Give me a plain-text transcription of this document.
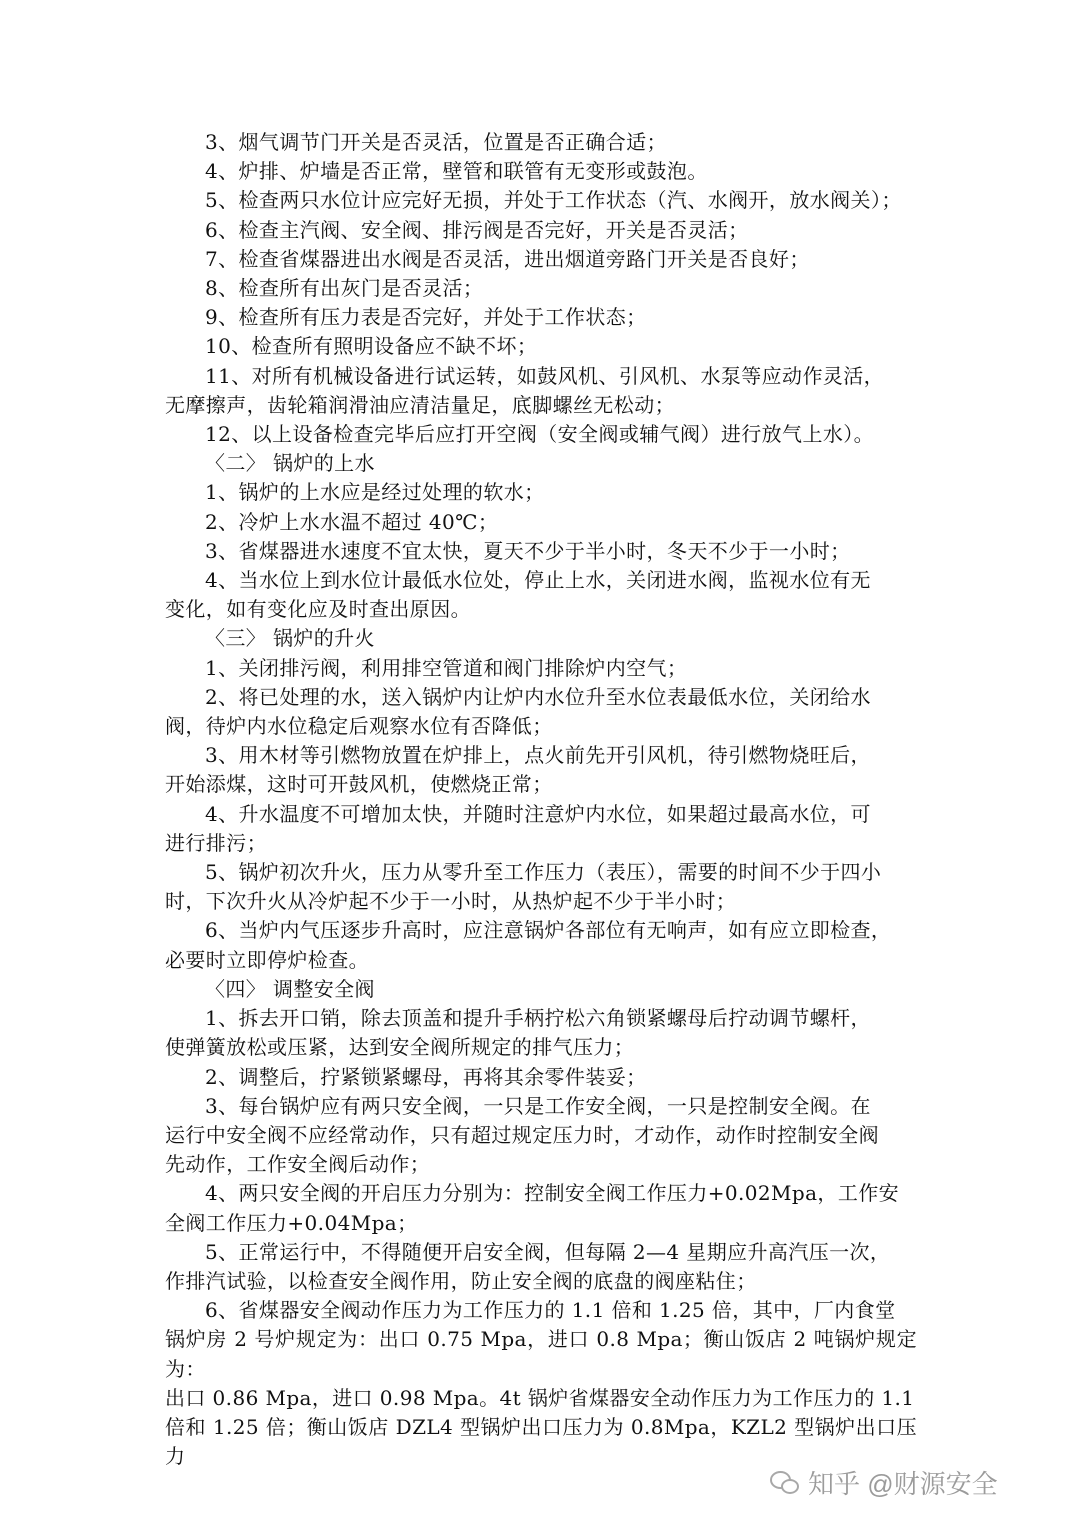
3、烟气调节门开关是否灵活，位置是否正确合适；
4、炉排、炉墙是否正常，壁管和联管有无变形或鼓泡。
5、检查两只水位计应完好无损，并处于工作状态（汽、水阀开，放水阀关）；
6、检查主汽阀、安全阀、排污阀是否完好，开关是否灵活；
7、检查省煤器进出水阀是否灵活，进出烟道旁路门开关是否良好；
8、检查所有出灰门是否灵活；
9、检查所有压力表是否完好，并处于工作状态；
10、检查所有照明设备应不缺不坏；
11、对所有机械设备进行试运转，如鼓风机、引风机、水泵等应动作灵活，
无摩擦声，齿轮箱润滑油应清洁量足，底脚螺丝无松动；
12、以上设备检查完毕后应打开空阀（安全阀或辅气阀）进行放气上水）。
〈二〉 锅炉的上水
1、锅炉的上水应是经过处理的软水；
2、冷炉上水水温不超过 40℃；
3、省煤器进水速度不宜太快，夏天不少于半小时，冬天不少于一小时；
4、当水位上到水位计最低水位处，停止上水，关闭进水阀，监视水位有无
变化，如有变化应及时查出原因。
〈三〉 锅炉的升火
1、关闭排污阀，利用排空管道和阀门排除炉内空气；
2、将已处理的水，送入锅炉内让炉内水位升至水位表最低水位，关闭给水
阀，待炉内水位稳定后观察水位有否降低；
3、用木材等引燃物放置在炉排上，点火前先开引风机，待引燃物烧旺后，
开始添煤，这时可开鼓风机，使燃烧正常；
4、升水温度不可增加太快，并随时注意炉内水位，如果超过最高水位，可
进行排污；
5、锅炉初次升火，压力从零升至工作压力（表压），需要的时间不少于四小
时，下次升火从冷炉起不少于一小时，从热炉起不少于半小时；
6、当炉内气压逐步升高时，应注意锅炉各部位有无响声，如有应立即检查，
必要时立即停炉检查。
〈四〉 调整安全阀
1、拆去开口销，除去顶盖和提升手柄拧松六角锁紧螺母后拧动调节螺杆，
使弹簧放松或压紧，达到安全阀所规定的排气压力；
2、调整后，拧紧锁紧螺母，再将其余零件装妥；
3、每台锅炉应有两只安全阀，一只是工作安全阀，一只是控制安全阀。在
运行中安全阀不应经常动作，只有超过规定压力时，才动作，动作时控制安全阀
先动作，工作安全阀后动作；
4、两只安全阀的开启压力分别为：控制安全阀工作压力+0.02Mpa，工作安
全阀工作压力+0.04Mpa；
5、正常运行中，不得随便开启安全阀，但每隔 2—4 星期应升高汽压一次，
作排汽试验，以检查安全阀作用，防止安全阀的底盘的阀座粘住；
6、省煤器安全阀动作压力为工作压力的 1.1 倍和 1.25 倍，其中，厂内食堂
锅炉房 2 号炉规定为：出口 0.75 Mpa，进口 0.8 Mpa；衡山饭店 2 吨锅炉规定为：
出口 0.86 Mpa，进口 0.98 Mpa。4t 锅炉省煤器安全动作压力为工作压力的 1.1
倍和 1.25 倍；衡山饭店 DZL4 型锅炉出口压力为 0.8Mpa，KZL2 型锅炉出口压力
知乎 @财源安全
